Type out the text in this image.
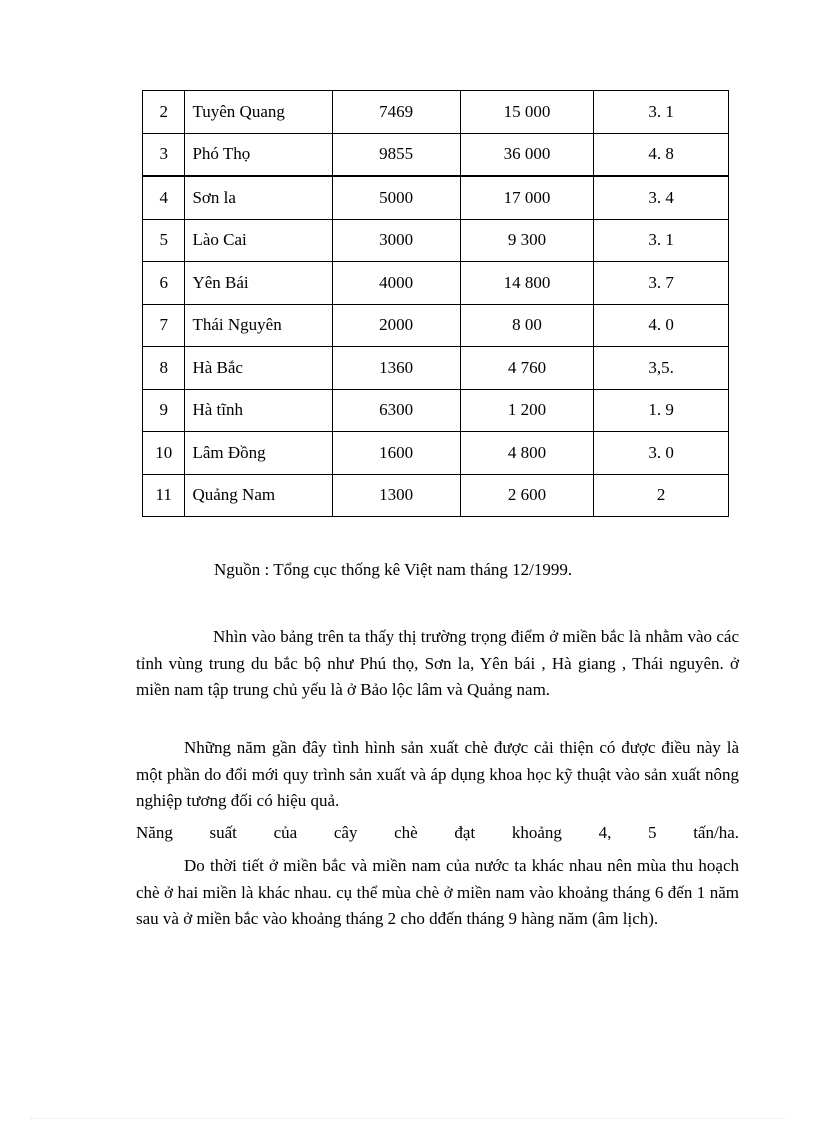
2	Tuyên Quang	7469	15 000	3. 1
3	Phó Thọ	9855	36 000	4. 8
4	Sơn la	5000	17 000	3. 4
5	Lào Cai	3000	9 300	3. 1
6	Yên Bái	4000	14 800	3. 7
7	Thái Nguyên	2000	8 00	4. 0
8	Hà Bắc	1360	4 760	3,5.
9	Hà tĩnh	6300	1 200	1. 9
10	Lâm Đồng	1600	4 800	3. 0
11	Quảng Nam	1300	2 600	2
Nguồn : Tổng cục thống kê Việt nam tháng 12/1999.

Nhìn vào bảng trên ta thấy thị trường trọng điểm ở miền bắc là nhằm vào các tỉnh vùng trung du bắc bộ như Phú thọ, Sơn la, Yên bái , Hà giang , Thái nguyên. ở miền nam tập trung chủ yếu là ở Bảo lộc lâm và Quảng nam.

Những năm gần đây tình hình sản xuất chè được cải thiện có được điều này là một phần do đổi mới quy trình sản xuất và áp dụng khoa học kỹ thuật vào sản xuất nông nghiệp tương đối có hiệu quả.

Năng suất của cây chè đạt khoảng 4, 5 tấn/ha.

Do thời tiết ở miền bắc và miền nam của nước ta khác nhau nên mùa thu hoạch chè ở hai miền là khác nhau. cụ thể mùa chè ở miền nam vào khoảng tháng 6 đến 1 năm sau và ở miền bắc vào khoảng tháng 2 cho dđến tháng 9 hàng năm (âm lịch).
